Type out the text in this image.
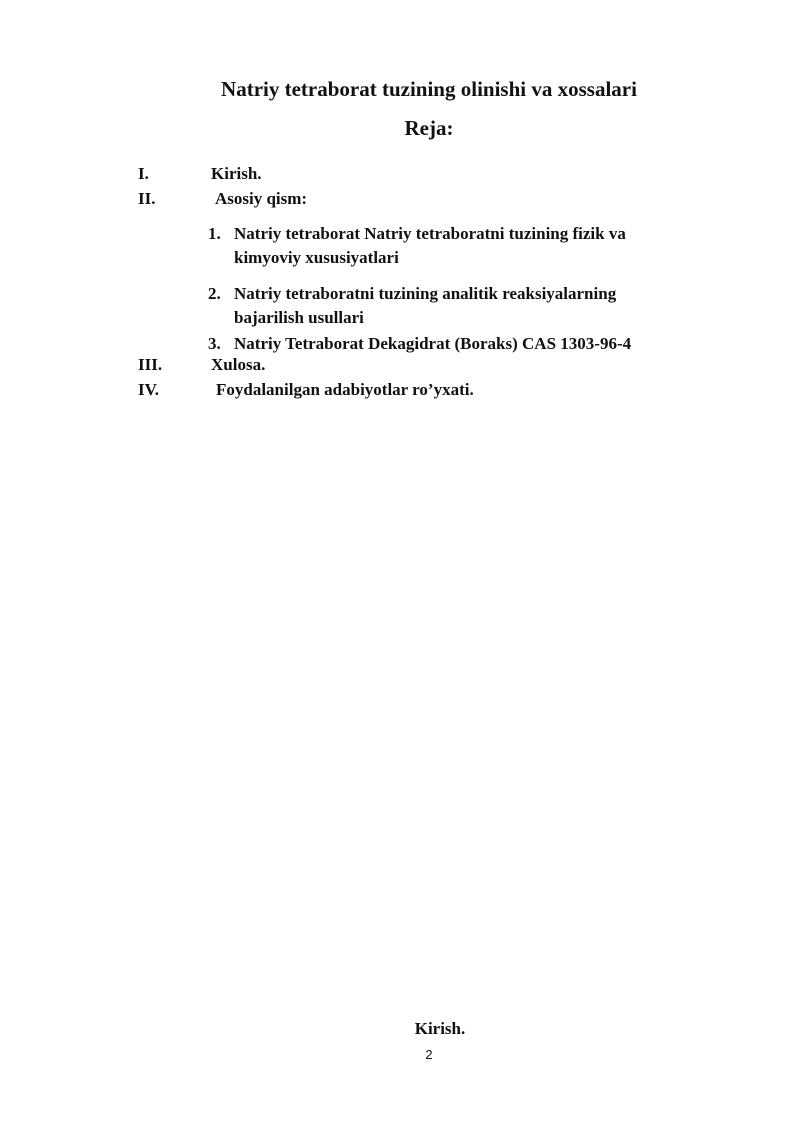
Natriy tetraborat tuzining olinishi va xossalari
Reja:
I.	Kirish.
II.	Asosiy qism:
1. Natriy tetraborat Natriy tetraboratni tuzining fizik va kimyoviy xususiyatlari
2. Natriy tetraboratni tuzining analitik reaksiyalarning bajarilish usullari
3. Natriy Tetraborat Dekagidrat (Boraks) CAS 1303-96-4
III.	Xulosa.
IV.	Foydalanilgan adabiyotlar ro’yxati.
Kirish.
2
